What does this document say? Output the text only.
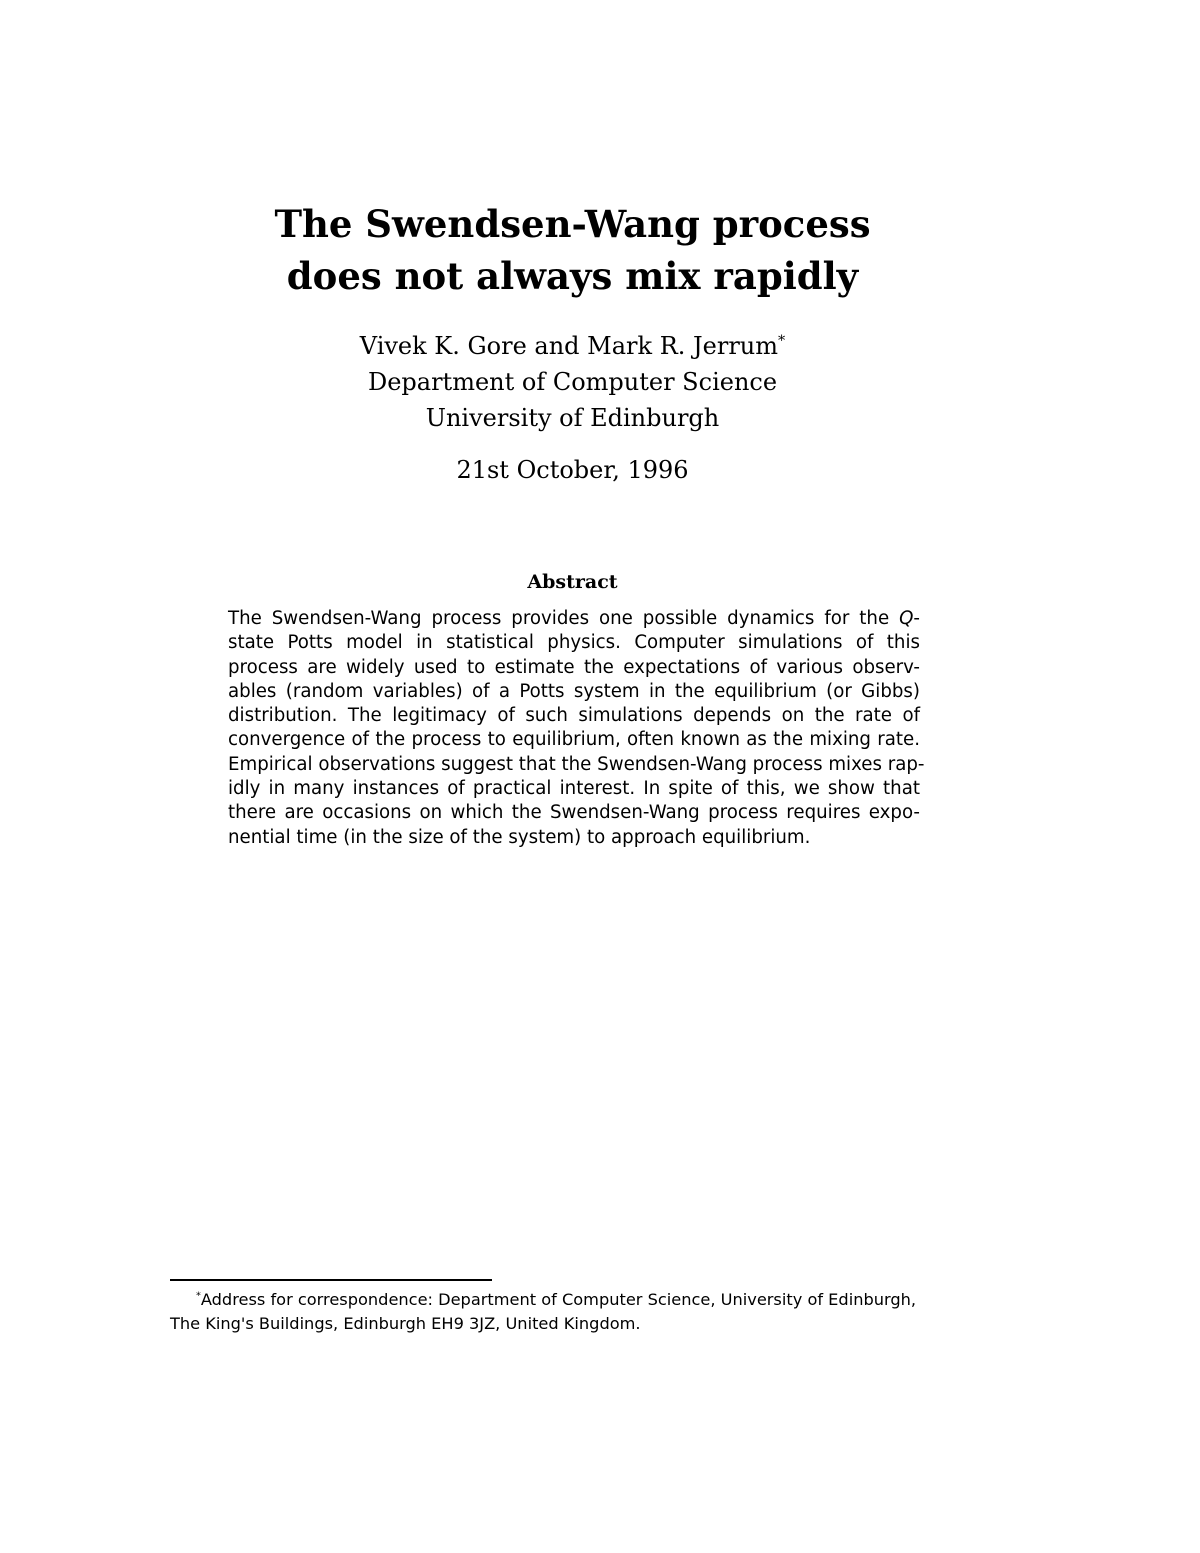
The Swendsen-Wang process
does not always mix rapidly
Vivek K. Gore and Mark R. Jerrum*
Department of Computer Science
University of Edinburgh
21st October, 1996
Abstract
The Swendsen-Wang process provides one possible dynamics for the Q-
state Potts model in statistical physics. Computer simulations of this
process are widely used to estimate the expectations of various observ-
ables (random variables) of a Potts system in the equilibrium (or Gibbs)
distribution. The legitimacy of such simulations depends on the rate of
convergence of the process to equilibrium, often known as the mixing rate.
Empirical observations suggest that the Swendsen-Wang process mixes rap-
idly in many instances of practical interest. In spite of this, we show that
there are occasions on which the Swendsen-Wang process requires expo-
nential time (in the size of the system) to approach equilibrium.
*Address for correspondence: Department of Computer Science, University of Edinburgh,
The King's Buildings, Edinburgh EH9 3JZ, United Kingdom.
